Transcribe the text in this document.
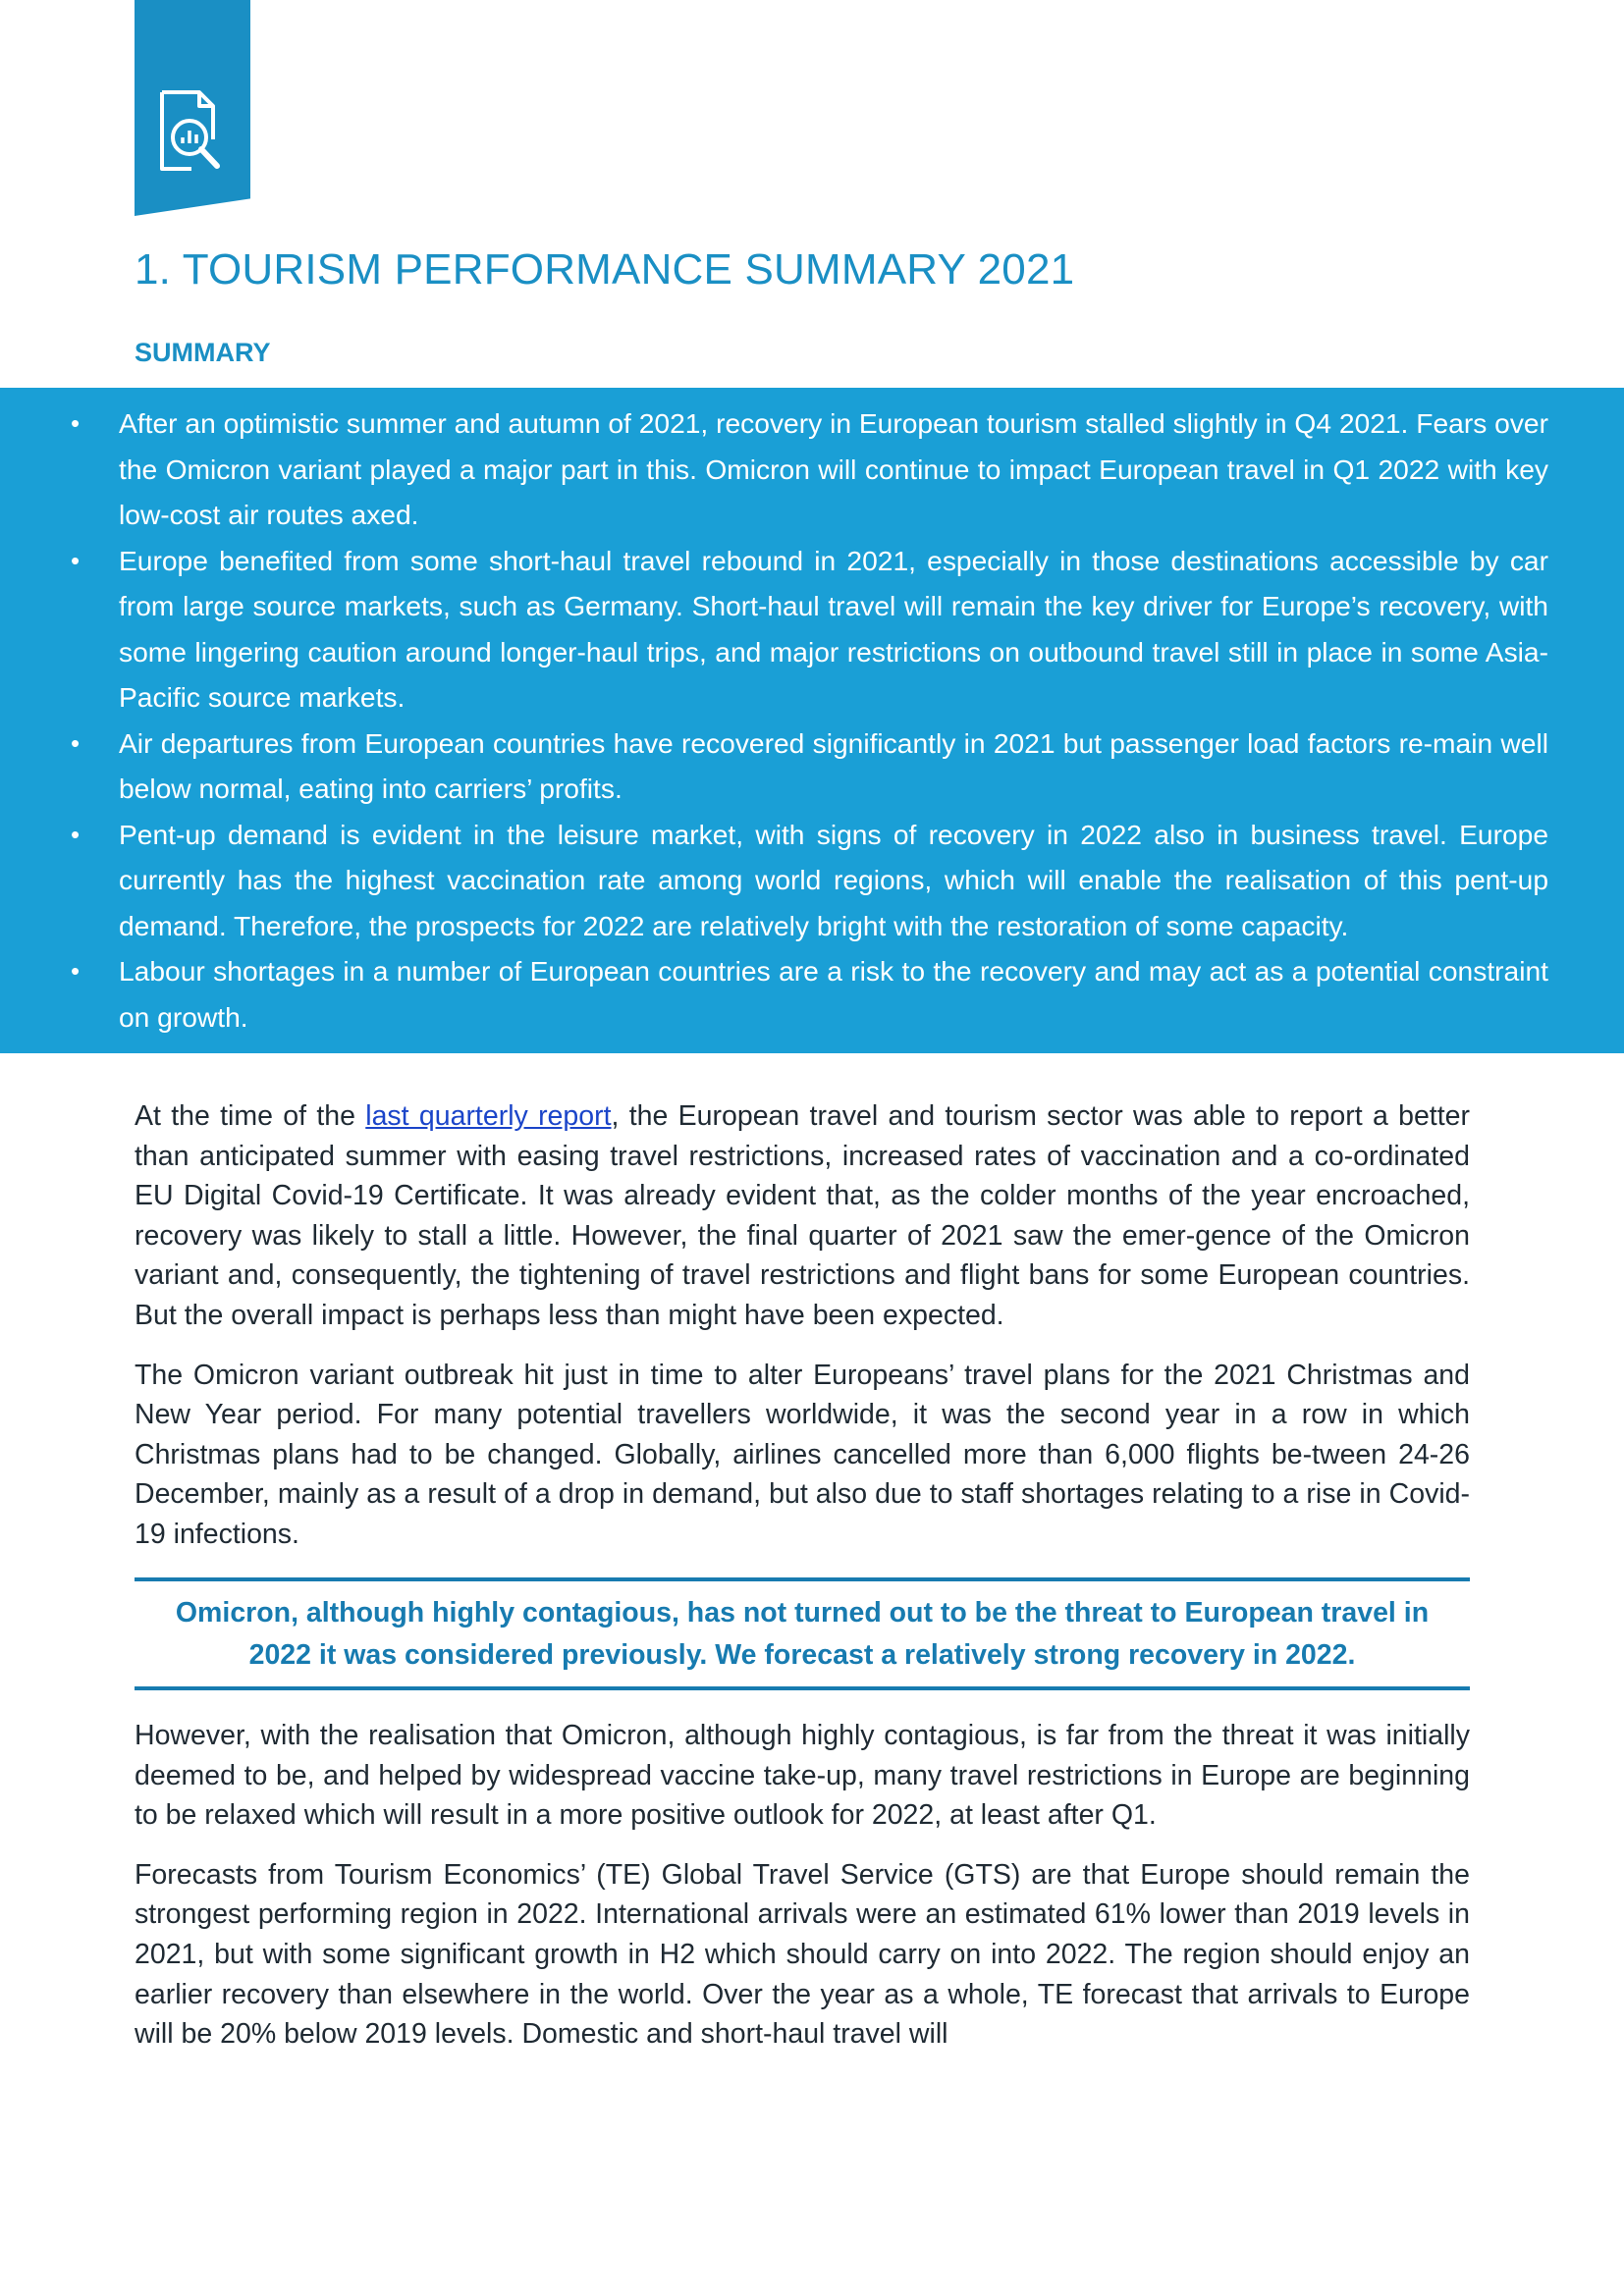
1. TOURISM PERFORMANCE SUMMARY 2021
SUMMARY
• After an optimistic summer and autumn of 2021, recovery in European tourism stalled slightly in Q4 2021. Fears over the Omicron variant played a major part in this. Omicron will continue to impact European travel in Q1 2022 with key low-cost air routes axed.
• Europe benefited from some short-haul travel rebound in 2021, especially in those destinations accessible by car from large source markets, such as Germany. Short-haul travel will remain the key driver for Europe’s recovery, with some lingering caution around longer-haul trips, and major restrictions on outbound travel still in place in some Asia-Pacific source markets.
• Air departures from European countries have recovered significantly in 2021 but passenger load factors re-main well below normal, eating into carriers’ profits.
• Pent-up demand is evident in the leisure market, with signs of recovery in 2022 also in business travel. Europe currently has the highest vaccination rate among world regions, which will enable the realisation of this pent-up demand. Therefore, the prospects for 2022 are relatively bright with the restoration of some capacity.
• Labour shortages in a number of European countries are a risk to the recovery and may act as a potential constraint on growth.

At the time of the last quarterly report, the European travel and tourism sector was able to report a better than anticipated summer with easing travel restrictions, increased rates of vaccination and a co-ordinated EU Digital Covid-19 Certificate. It was already evident that, as the colder months of the year encroached, recovery was likely to stall a little. However, the final quarter of 2021 saw the emer-gence of the Omicron variant and, consequently, the tightening of travel restrictions and flight bans for some European countries. But the overall impact is perhaps less than might have been expected.

The Omicron variant outbreak hit just in time to alter Europeans’ travel plans for the 2021 Christmas and New Year period. For many potential travellers worldwide, it was the second year in a row in which Christmas plans had to be changed. Globally, airlines cancelled more than 6,000 flights be-tween 24-26 December, mainly as a result of a drop in demand, but also due to staff shortages relating to a rise in Covid-19 infections.

Omicron, although highly contagious, has not turned out to be the threat to European travel in 2022 it was considered previously. We forecast a relatively strong recovery in 2022.

However, with the realisation that Omicron, although highly contagious, is far from the threat it was initially deemed to be, and helped by widespread vaccine take-up, many travel restrictions in Europe are beginning to be relaxed which will result in a more positive outlook for 2022, at least after Q1.

Forecasts from Tourism Economics’ (TE) Global Travel Service (GTS) are that Europe should remain the strongest performing region in 2022. International arrivals were an estimated 61% lower than 2019 levels in 2021, but with some significant growth in H2 which should carry on into 2022. The region should enjoy an earlier recovery than elsewhere in the world. Over the year as a whole, TE forecast that arrivals to Europe will be 20% below 2019 levels. Domestic and short-haul travel will
